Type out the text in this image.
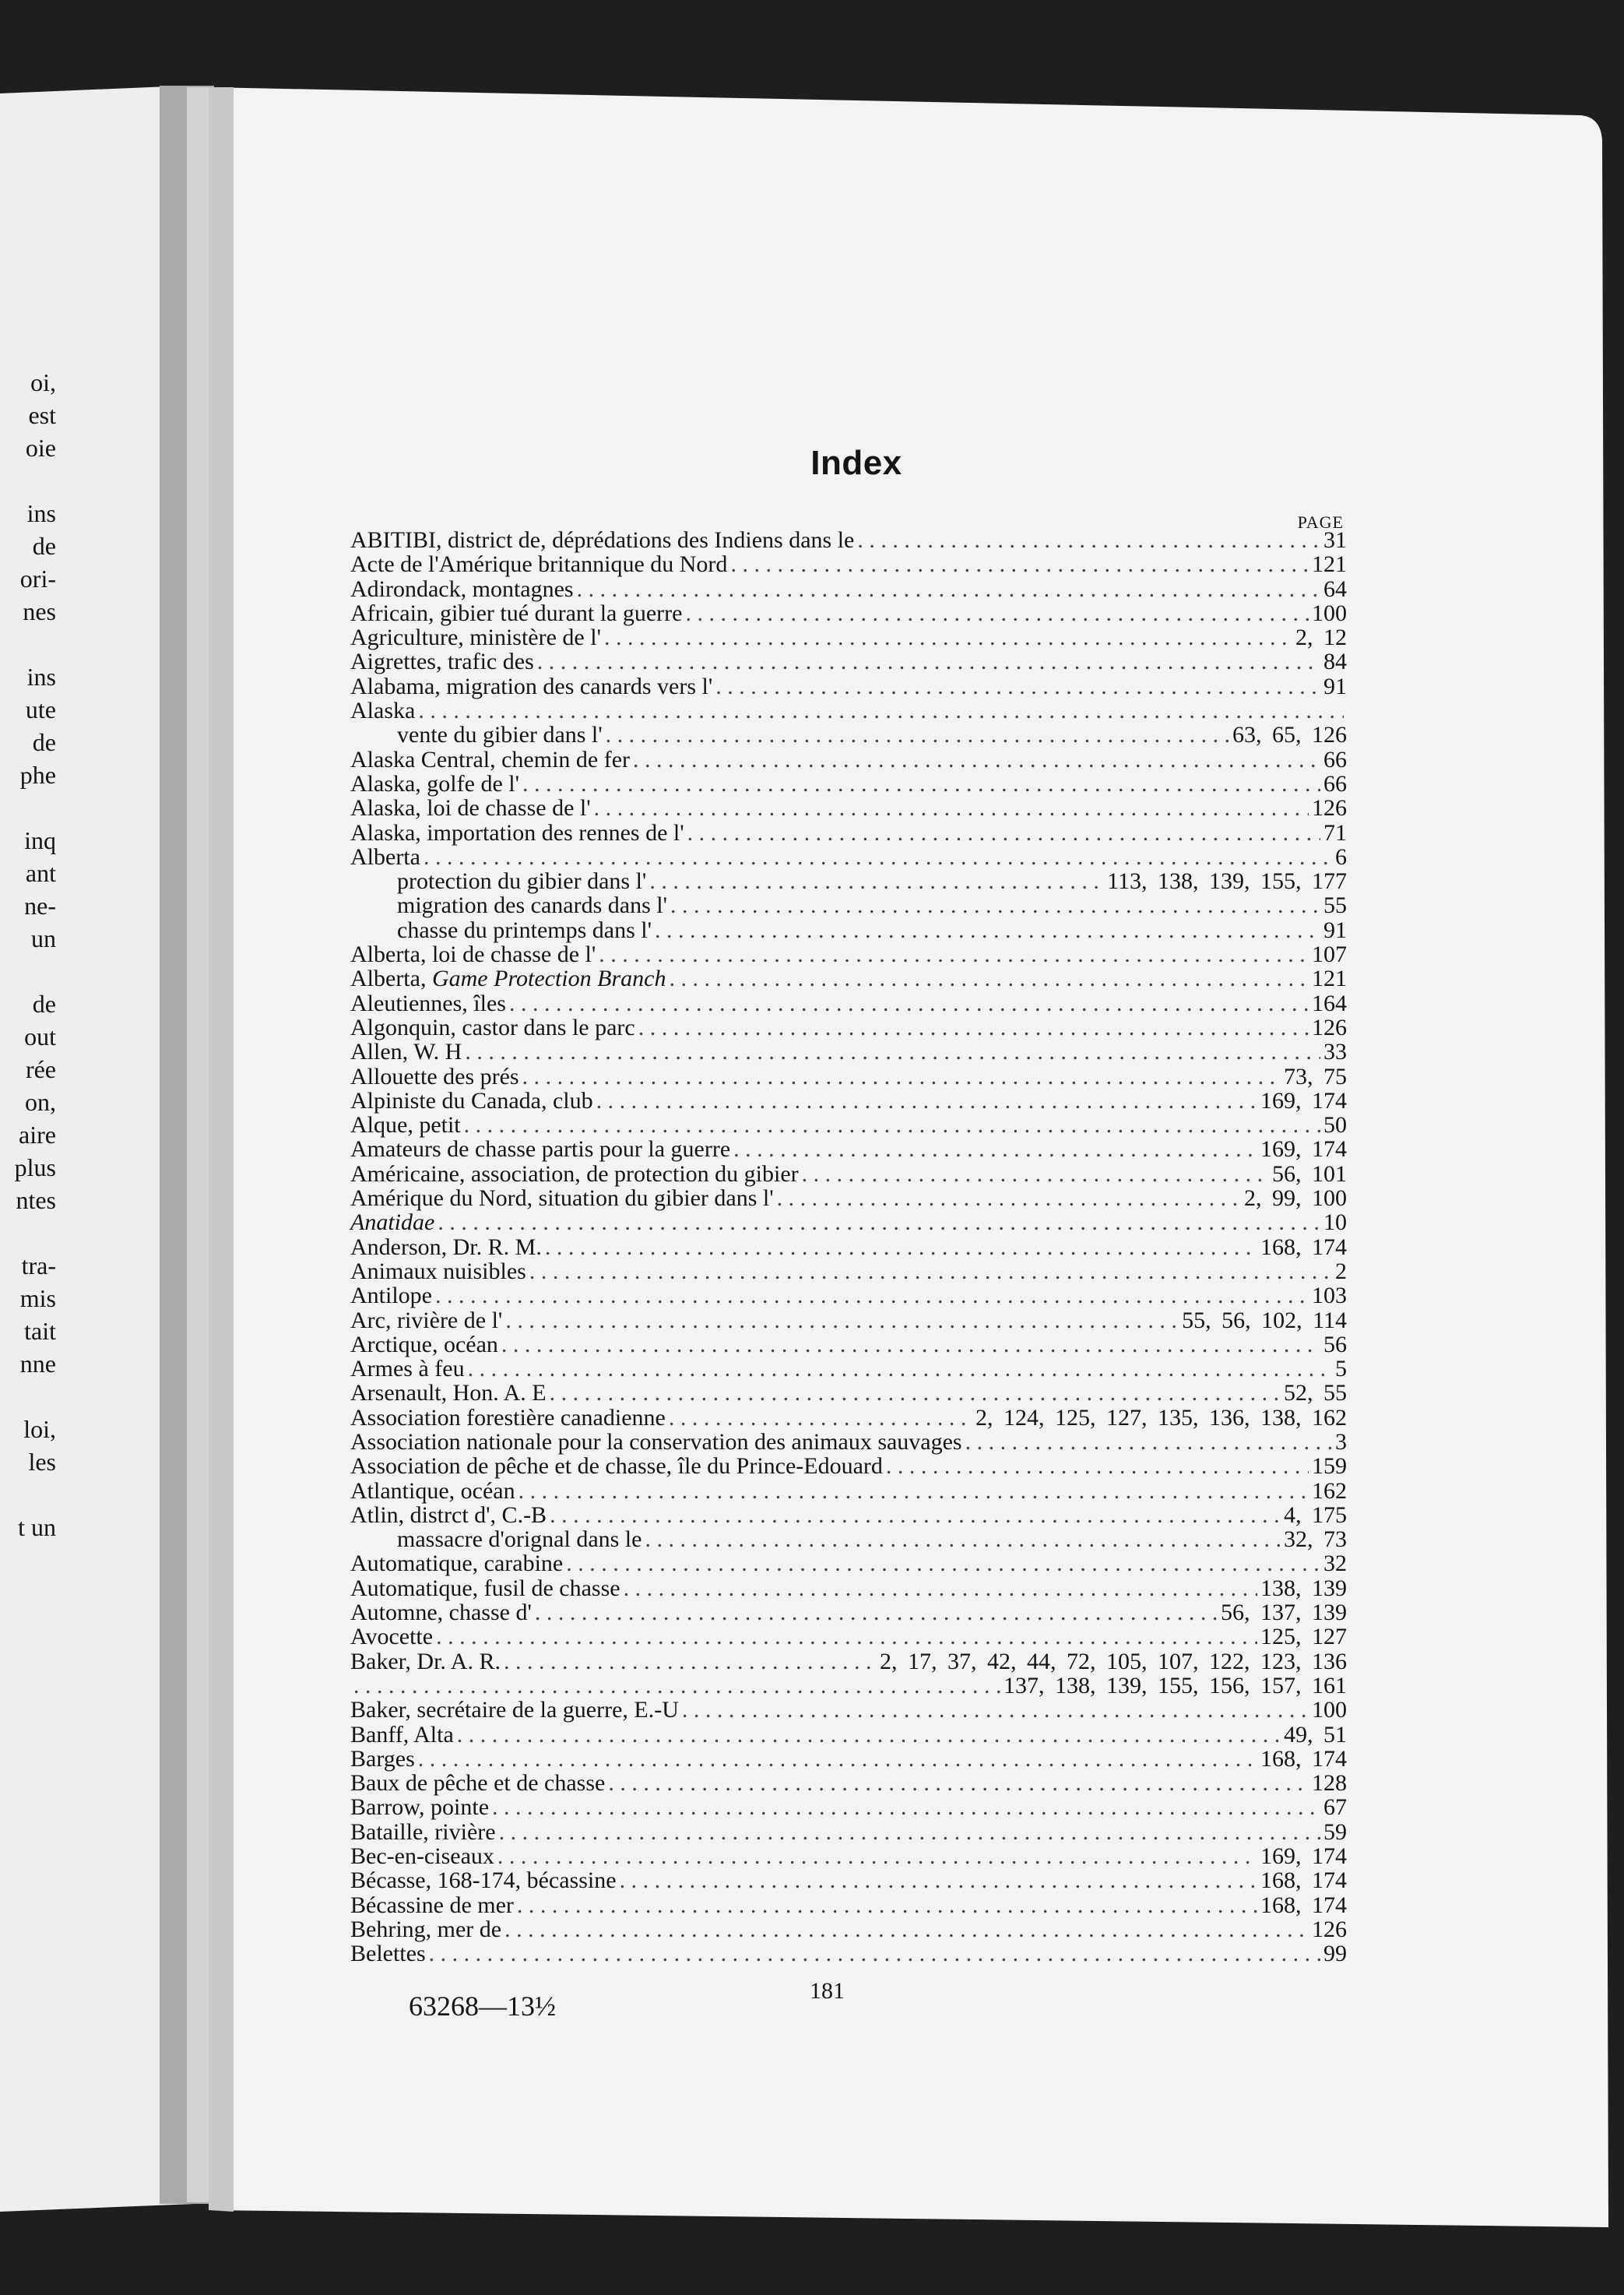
oi,
est
oie
ins
de
ori-
nes
ins
ute
de
phe
inq
ant
ne-
un
de
out
rée
on,
aire
plus
ntes
tra-
mis
tait
nne
loi,
les
t un
Index
PAGE
ABITIBI, district de, déprédations des Indiens dans le . . .	31
Acte de l'Amérique britannique du Nord . . .	121
Adirondack, montagnes . . .	64
Africain, gibier tué durant la guerre . . .	100
Agriculture, ministère de l' . . .	2, 12
Aigrettes, trafic des . . .	84
Alabama, migration des canards vers l' . . .	91
Alaska
. . .
vente du gibier dans l' . . .	63, 65, 126
Alaska Central, chemin de fer . . .	66
Alaska, golfe de l' . . .	66
Alaska, loi de chasse de l' . . .	126
Alaska, importation des rennes de l' . . .	71
Alberta . . .	6
protection du gibier dans l' . . .	113, 138, 139, 155, 177
migration des canards dans l' . . .	55
chasse du printemps dans l' . . .	91
Alberta, loi de chasse de l' . . .	107
Alberta, Game Protection Branch . . .	121
Aleutiennes, îles . . .	164
Algonquin, castor dans le parc . . .	126
Allen, W. H . . .	33
Allouette des prés . . .	73, 75
Alpiniste du Canada, club . . .	169, 174
Alque, petit . . .	50
Amateurs de chasse partis pour la guerre . . .	169, 174
Américaine, association, de protection du gibier . . .	56, 101
Amérique du Nord, situation du gibier dans l' . . .	2, 99, 100
Anatidae . . .	10
Anderson, Dr. R. M. . . .	168, 174
Animaux nuisibles . . .	2
Antilope . . .	103
Arc, rivière de l' . . .	55, 56, 102, 114
Arctique, océan . . .	56
Armes à feu . . .	5
Arsenault, Hon. A. E . . .	52, 55
Association forestière canadienne . . .	2, 124, 125, 127, 135, 136, 138, 162
Association nationale pour la conservation des animaux sauvages . . .	3
Association de pêche et de chasse, île du Prince-Edouard . . .	159
Atlantique, océan . . .	162
Atlin, distrct d', C.-B . . .	4, 175
massacre d'orignal dans le . . .	32, 73
Automatique, carabine . . .	32
Automatique, fusil de chasse . . .	138, 139
Automne, chasse d' . . .	56, 137, 139
Avocette . . .	125, 127
Baker, Dr. A. R. . . .	2, 17, 37, 42, 44, 72, 105, 107, 122, 123, 136
. . .
137, 138, 139, 155, 156, 157, 161
Baker, secrétaire de la guerre, E.-U . . .	100
Banff, Alta . . .	49, 51
Barges . . .	168, 174
Baux de pêche et de chasse . . .	128
Barrow, pointe . . .	67
Bataille, rivière . . .	59
Bec-en-ciseaux . . .	169, 174
Bécasse, 168-174, bécassine . . .	168, 174
Bécassine de mer . . .	168, 174
Behring, mer de . . .	126
Belettes . . .	99
63268—13½	181
